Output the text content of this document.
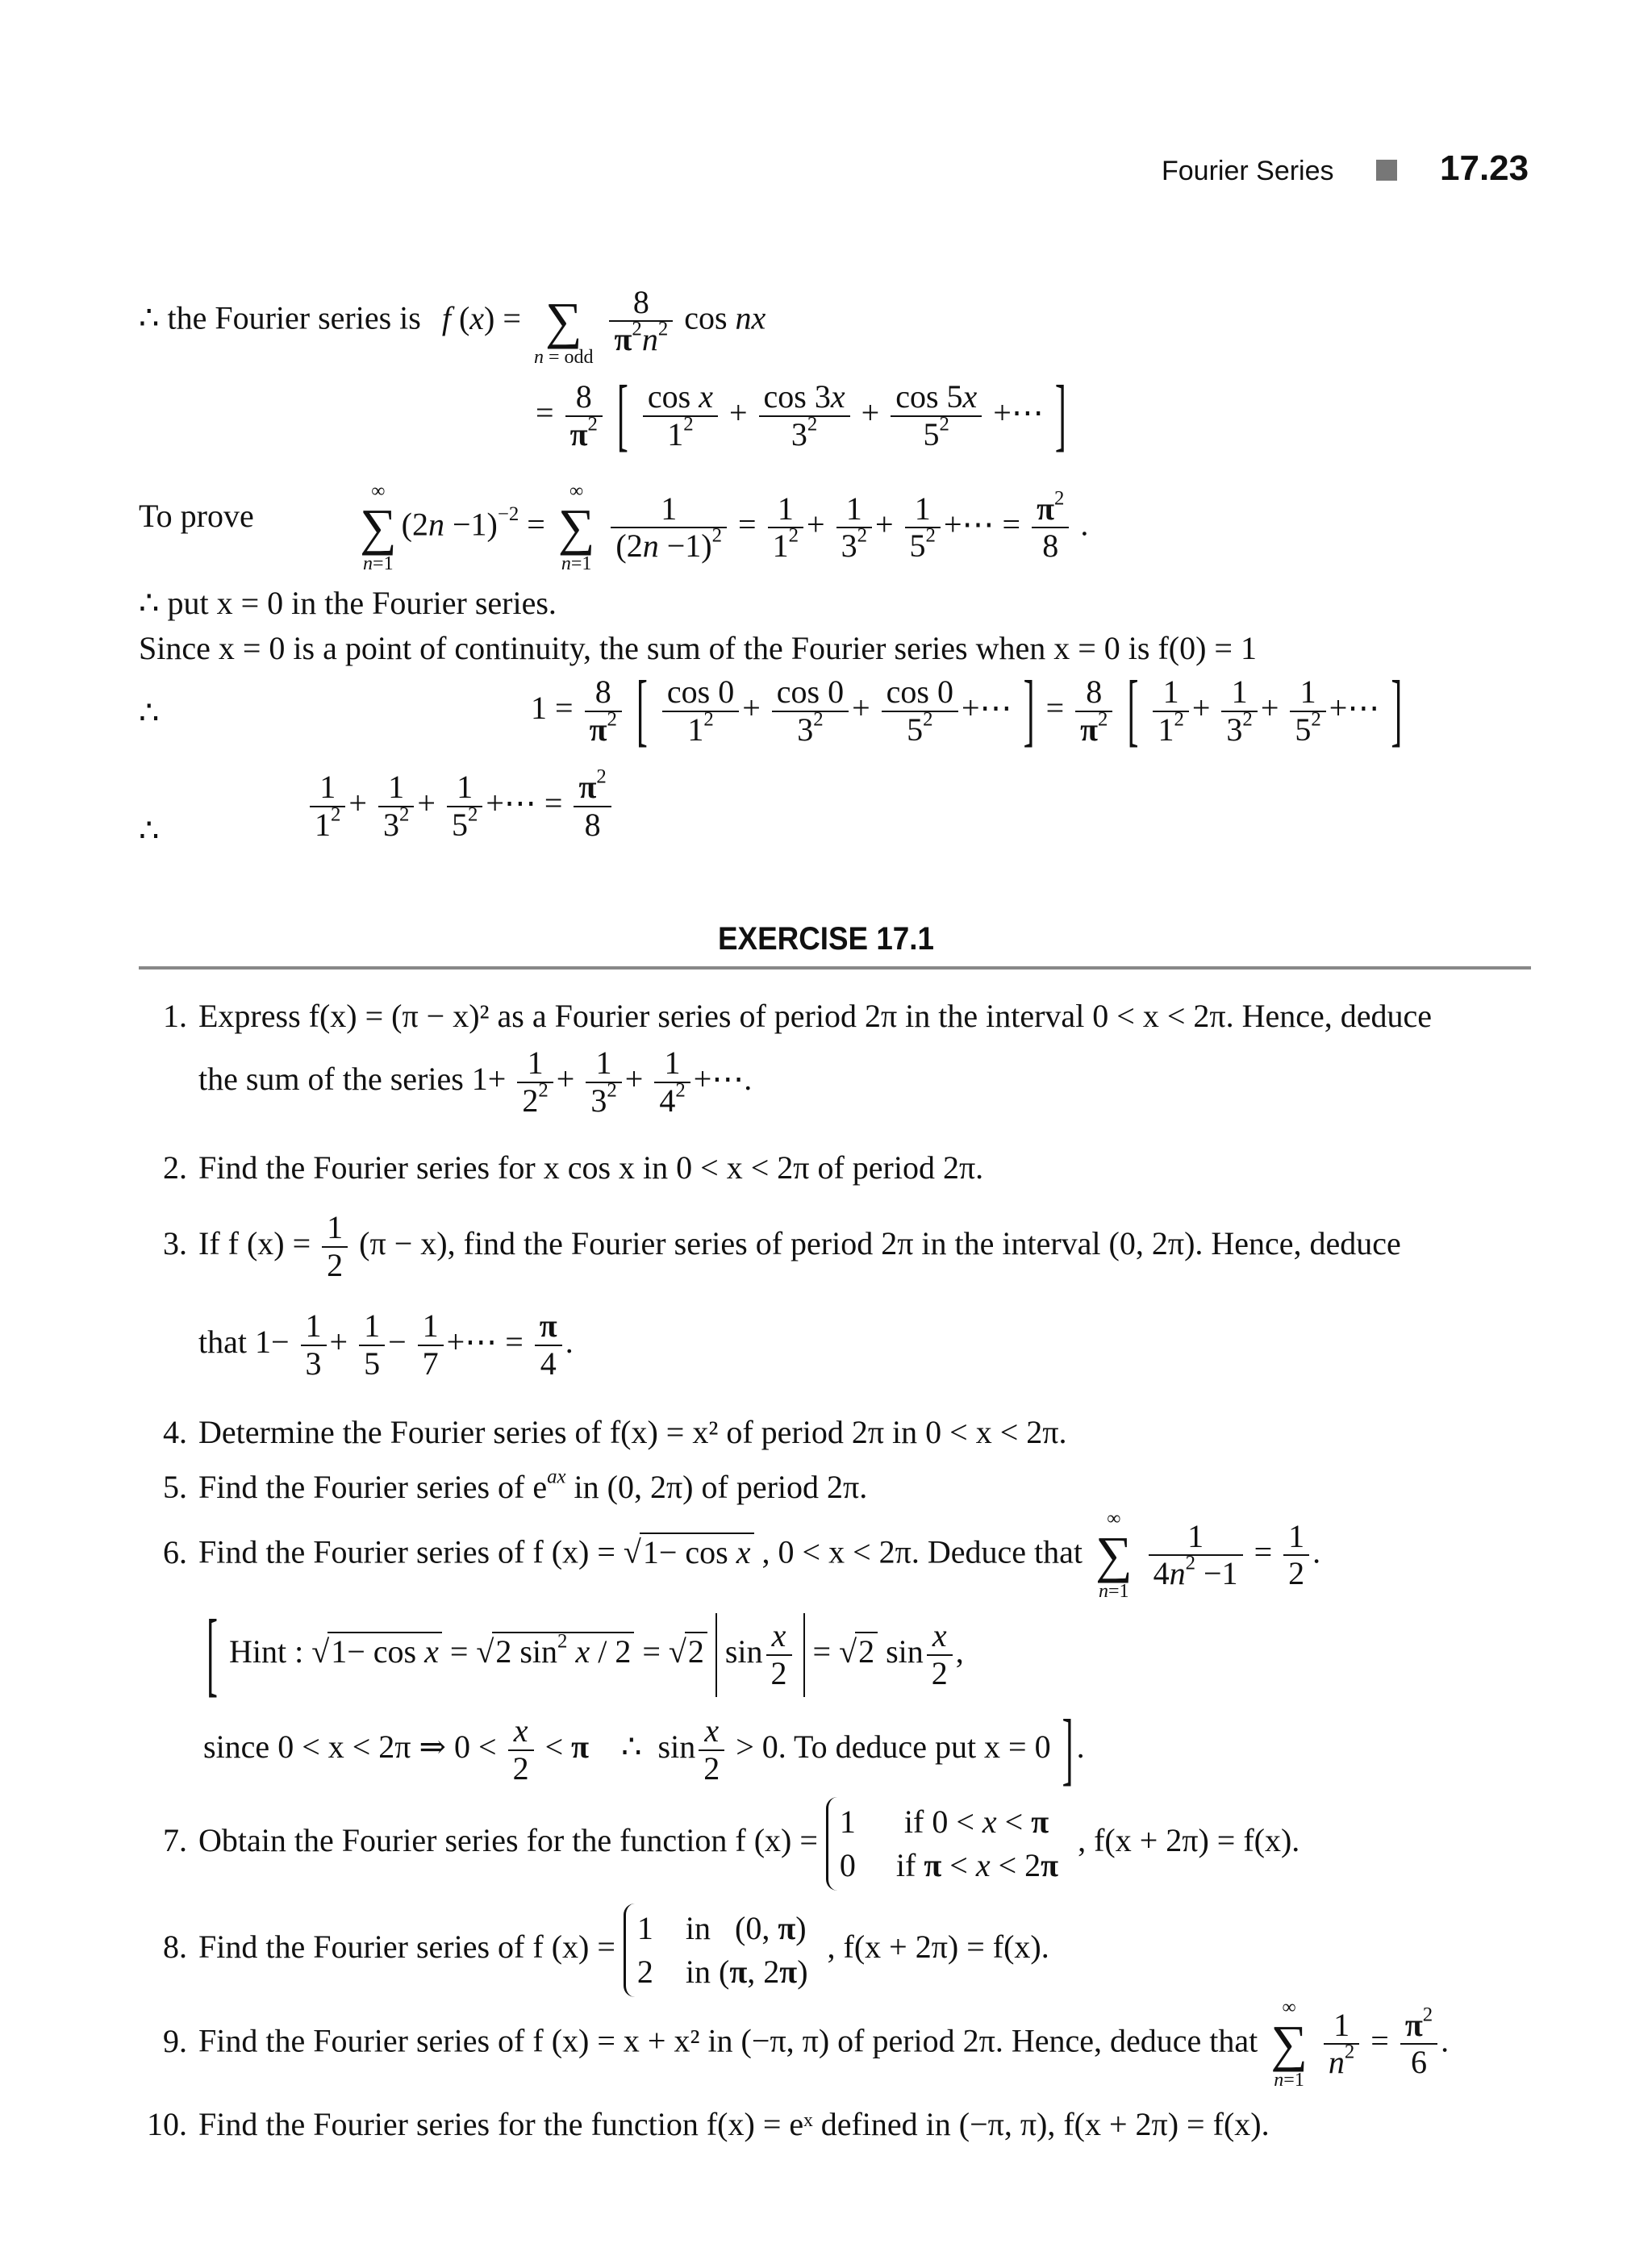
Fourier Series	17.23
∴ the Fourier series is f (x) =
∑
n = odd
$\frac{8}{\pi^2n^2}$ cos nx
= $\frac{8}{\pi^2}$ [ $\frac{\text{cos x}}{1^2} + \frac{\cos 3x}{3^2} + \frac{\cos 5x}{5^2}$ +⋯ ]
To prove
∞
∑
n=1
$(2n -1)^{-2}$ =
∞
∑
n=1
$\frac{1}{(2n -1)^2} = \frac{1}{1^2} + \frac{1}{3^2} + \frac{1}{5^2}$ +⋯ = $\frac{\pi^2}{8}$ .
∴ put x = 0 in the Fourier series.
Since x = 0 is a point of continuity, the sum of the Fourier series when x = 0 is f(0) = 1
∴	$1 = \frac{8}{\pi^2}$ [ $\frac{\cos 0}{1^2} + \frac{\cos 0}{3^2} + \frac{\cos 0}{5^2}$ +⋯ ] = $\frac{8}{\pi^2}$ [ $\frac{1}{1^2} + \frac{1}{3^2} + \frac{1}{5^2}$ +⋯ ]
∴	$\frac{1}{1^2} + \frac{1}{3^2} + \frac{1}{5^2}$ +⋯ = $\frac{\pi^2}{8}$
EXERCISE 17.1
1. Express f(x) = (π − x)² as a Fourier series of period 2π in the interval 0 < x < 2π. Hence, deduce
the sum of the series $1+ \frac{1}{2^2} + \frac{1}{3^2} + \frac{1}{4^2}$ +⋯.
2. Find the Fourier series for x cos x in 0 < x < 2π of period 2π.
3. If f $(x) = \frac{1}{2} (\pi - x)$, find the Fourier series of period 2π in the interval (0, 2π). Hence, deduce
that $1- \frac{1}{3} + \frac{1}{5} - \frac{1}{7}$ +⋯ = $\frac{\pi}{4}$ .
4. Determine the Fourier series of f(x) = x² of period 2π in 0 < x < 2π.
5. Find the Fourier series of $e^{ax}$ in (0, 2π) of period 2π.
6. Find the Fourier series of f (x) = √1− cos x , 0 < x < 2π. Deduce that
∞
∑
n=1
$\frac{1}{4n^2 -1} = \frac{1}{2}$ .
[ Hint : √1− cos x = √2 $\sin^2 x / 2 = √2$ $\sin \frac{x}{2} = √2$ $\sin \frac{x}{2}$ ,
since 0 < x < 2π ⇒ $0 < \frac{x}{2} < \pi$    ∴  $\sin \frac{x}{2} > 0$. To deduce put x = 0 ] .
7. Obtain the Fourier series for the function f (x) = 1      if 0 < x < π
0     if π < x < 2π , f(x + 2π) = f(x).
8. Find the Fourier series of f (x) = 1    in   (0, π)
2    in (π, 2π) , f(x + 2π) = f(x).
9. Find the Fourier series of f (x) = x + x² in (−π, π) of period 2π. Hence, deduce that
∞
∑
n=1
$\frac{1}{n^2} = \frac{\pi^2}{6}$ .
10. Find the Fourier series for the function f(x) = eˣ defined in (−π, π), f(x + 2π) = f(x).
